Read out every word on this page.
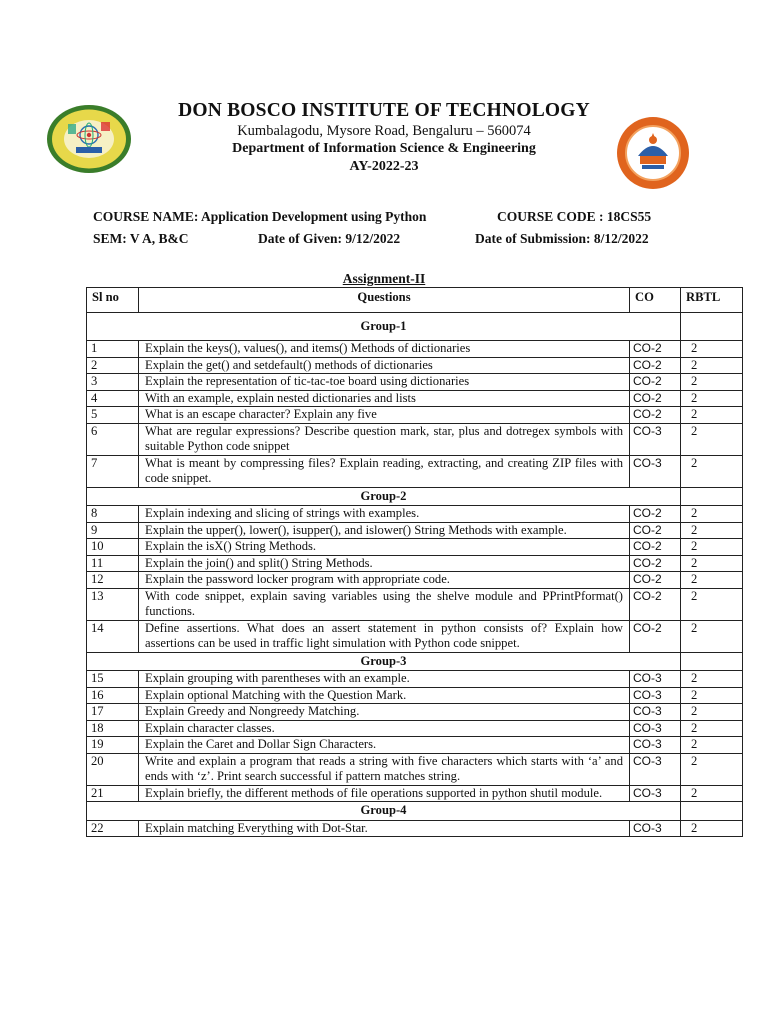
DON BOSCO INSTITUTE OF TECHNOLOGY
Kumbalagodu, Mysore Road, Bengaluru – 560074
Department of Information Science & Engineering
AY-2022-23
COURSE NAME: Application Development using Python	COURSE CODE : 18CS55
SEM: V A, B&C	Date of Given: 9/12/2022	Date of Submission: 8/12/2022
Assignment-II
Sl no	Questions	CO	RBTL
Group-1			
1	Explain the keys(), values(), and items() Methods of dictionaries	CO-2	2
2	Explain the get() and setdefault() methods of dictionaries	CO-2	2
3	Explain the representation of tic-tac-toe board using dictionaries	CO-2	2
4	With an example, explain nested dictionaries and lists	CO-2	2
5	What is an escape character? Explain any five	CO-2	2
6	What are regular expressions? Describe question mark, star, plus and dotregex symbols with suitable Python code snippet	CO-3	2
7	What is meant by compressing files? Explain reading, extracting, and creating ZIP files with code snippet.	CO-3	2
Group-2			
8	Explain indexing and slicing of strings with examples.	CO-2	2
9	Explain the upper(), lower(), isupper(), and islower() String Methods with example.	CO-2	2
10	Explain the isX() String Methods.	CO-2	2
11	Explain the join() and split() String Methods.	CO-2	2
12	Explain the password locker program with appropriate code.	CO-2	2
13	With code snippet, explain saving variables using the shelve module and PPrintPformat() functions.	CO-2	2
14	Define assertions. What does an assert statement in python consists of? Explain how assertions can be used in traffic light simulation with Python code snippet.	CO-2	2
Group-3			
15	Explain grouping with parentheses with an example.	CO-3	2
16	Explain optional Matching with the Question Mark.	CO-3	2
17	Explain Greedy and Nongreedy Matching.	CO-3	2
18	Explain character classes.	CO-3	2
19	Explain the Caret and Dollar Sign Characters.	CO-3	2
20	Write and explain a program that reads a string with five characters which starts with ‘a’ and ends with ‘z’. Print search successful if pattern matches string.	CO-3	2
21	Explain briefly, the different methods of file operations supported in python shutil module.	CO-3	2
Group-4			
22	Explain matching Everything with Dot-Star.	CO-3	2
